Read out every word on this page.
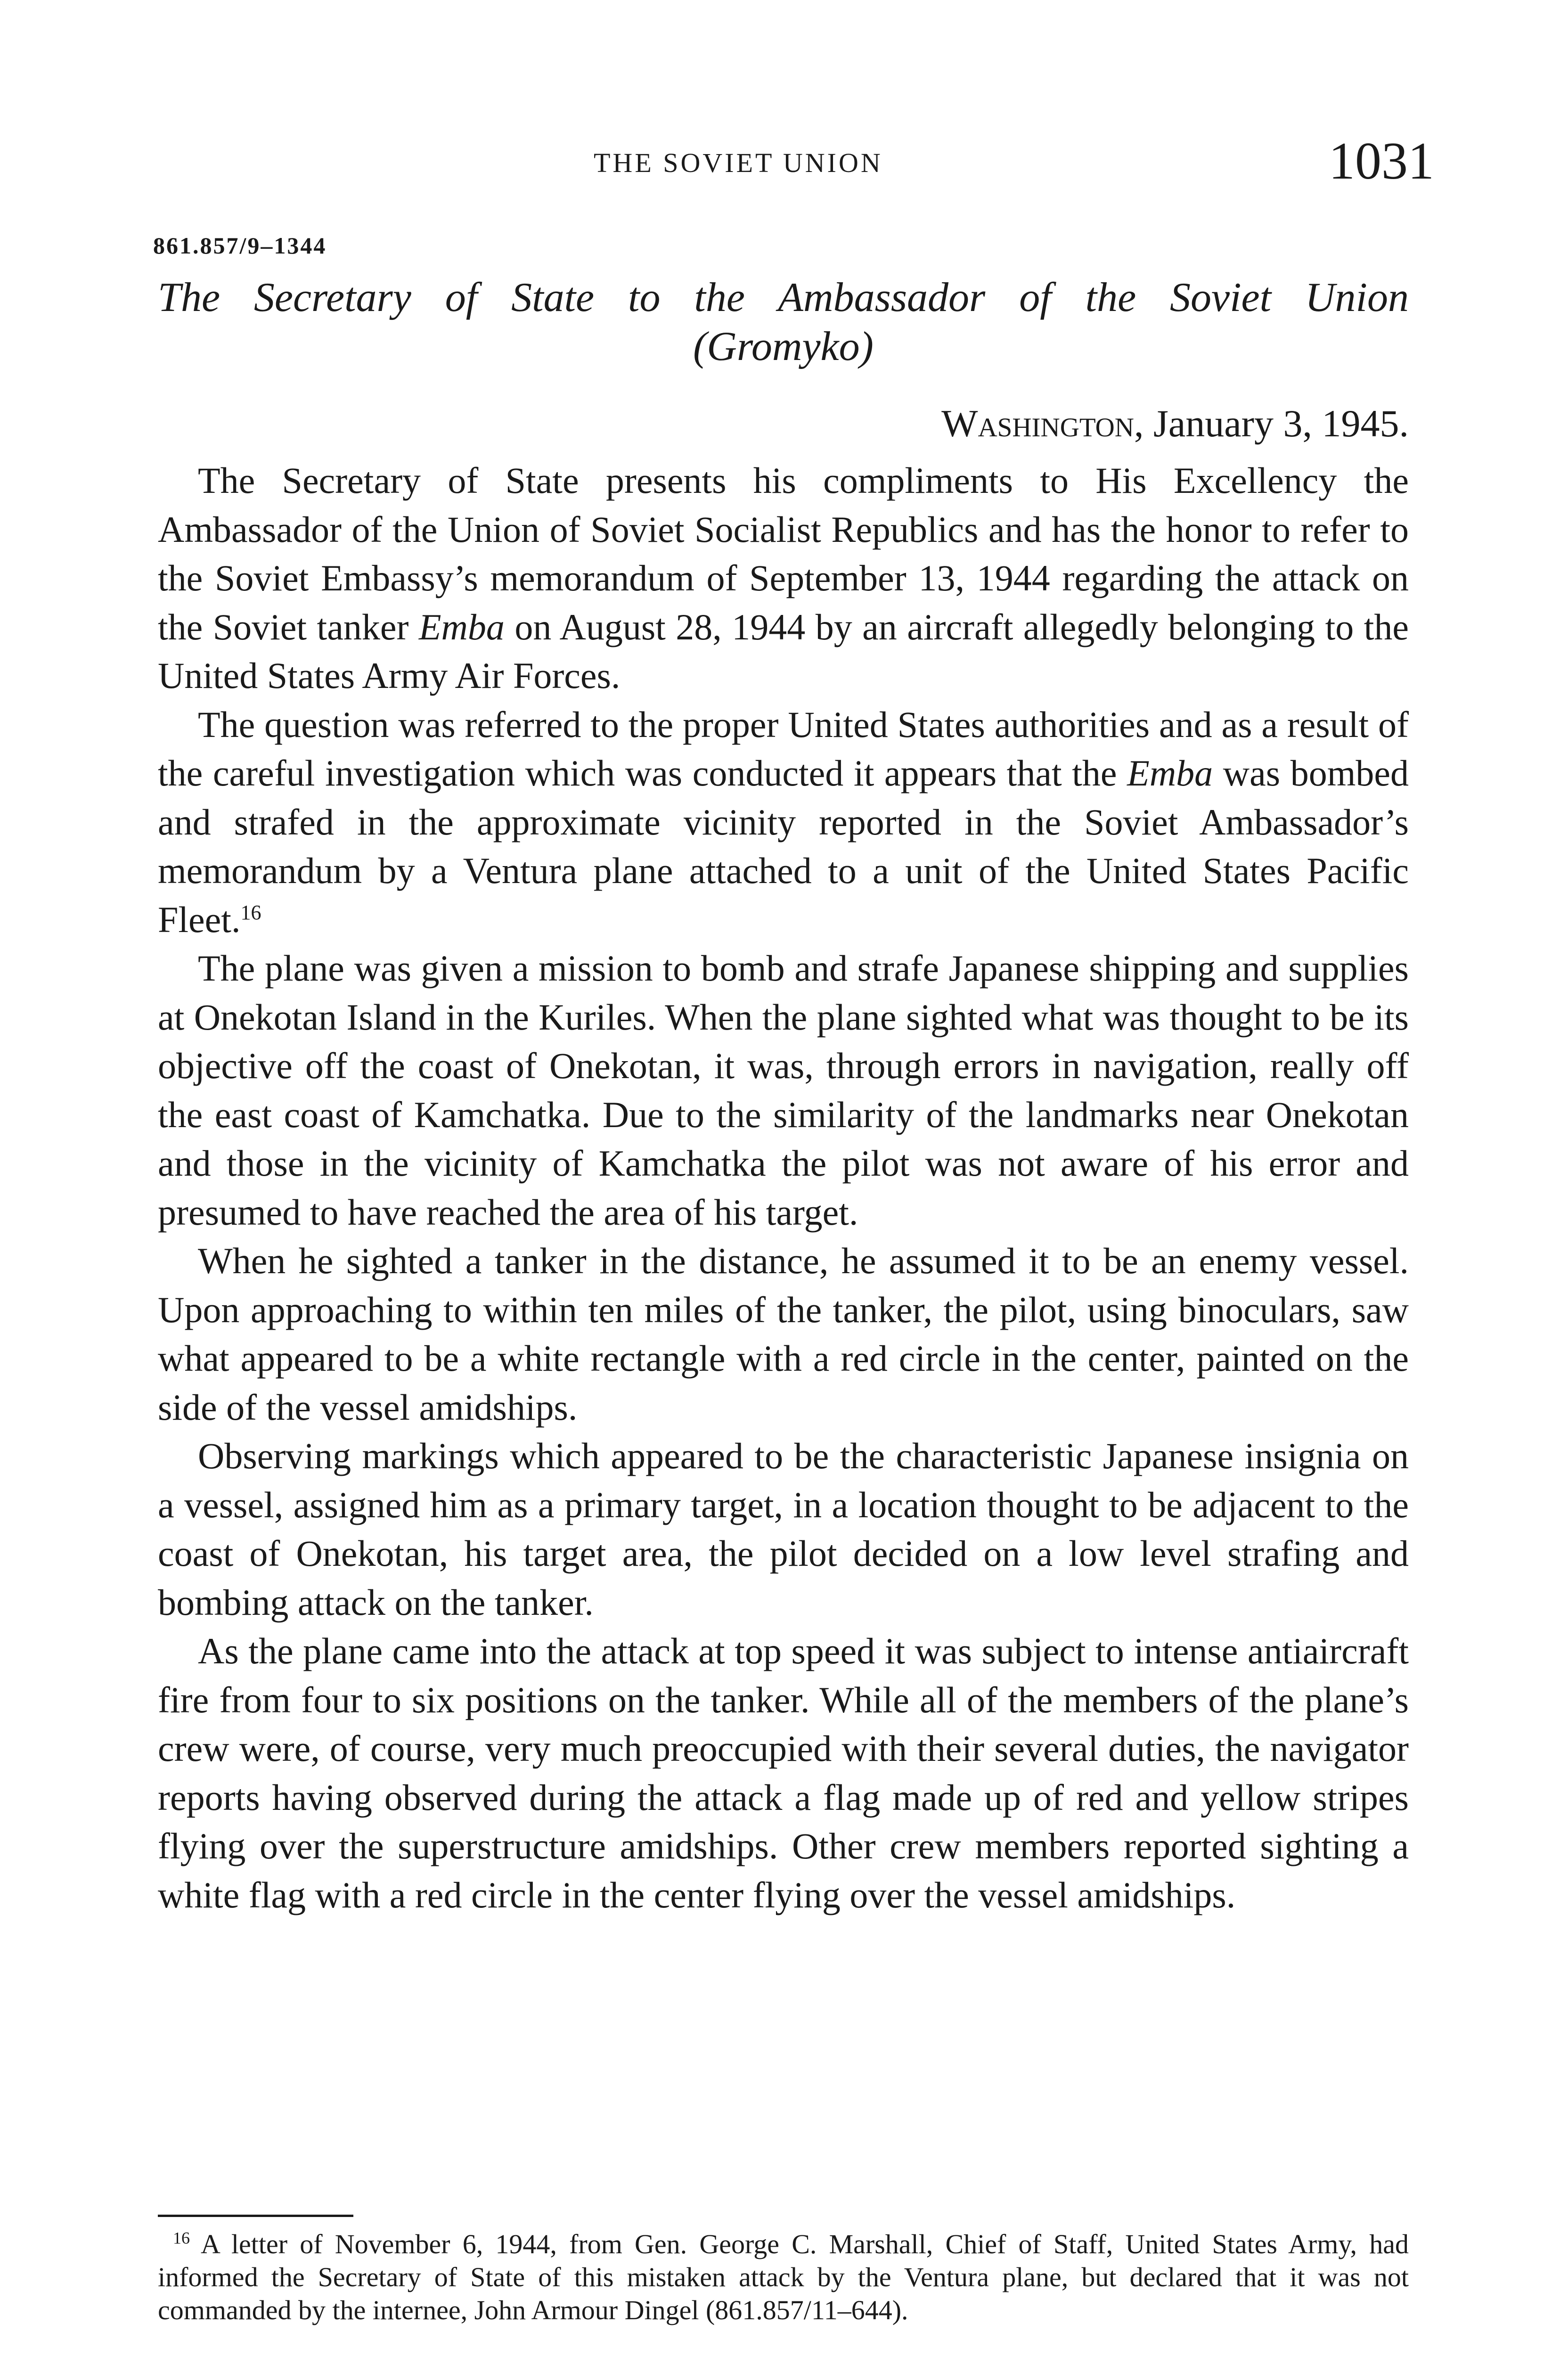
THE SOVIET UNION	1031
861.857/9–1344
The Secretary of State to the Ambassador of the Soviet Union
(Gromyko)
Washington, January 3, 1945.

The Secretary of State presents his compliments to His Excellency the Ambassador of the Union of Soviet Socialist Republics and has the honor to refer to the Soviet Embassy’s memorandum of September 13, 1944 regarding the attack on the Soviet tanker Emba on August 28, 1944 by an aircraft allegedly belonging to the United States Army Air Forces.

The question was referred to the proper United States authorities and as a result of the careful investigation which was conducted it appears that the Emba was bombed and strafed in the approximate vicinity reported in the Soviet Ambassador’s memorandum by a Ventura plane attached to a unit of the United States Pacific Fleet.$^{16}$

The plane was given a mission to bomb and strafe Japanese shipping and supplies at Onekotan Island in the Kuriles. When the plane sighted what was thought to be its objective off the coast of Onekotan, it was, through errors in navigation, really off the east coast of Kamchatka. Due to the similarity of the landmarks near Onekotan and those in the vicinity of Kamchatka the pilot was not aware of his error and presumed to have reached the area of his target.

When he sighted a tanker in the distance, he assumed it to be an enemy vessel. Upon approaching to within ten miles of the tanker, the pilot, using binoculars, saw what appeared to be a white rectangle with a red circle in the center, painted on the side of the vessel amidships.

Observing markings which appeared to be the characteristic Japanese insignia on a vessel, assigned him as a primary target, in a location thought to be adjacent to the coast of Onekotan, his target area, the pilot decided on a low level strafing and bombing attack on the tanker.

As the plane came into the attack at top speed it was subject to intense antiaircraft fire from four to six positions on the tanker. While all of the members of the plane’s crew were, of course, very much preoccupied with their several duties, the navigator reports having observed during the attack a flag made up of red and yellow stripes flying over the superstructure amidships. Other crew members reported sighting a white flag with a red circle in the center flying over the vessel amidships.

$^{16}$ A letter of November 6, 1944, from Gen. George C. Marshall, Chief of Staff, United States Army, had informed the Secretary of State of this mistaken attack by the Ventura plane, but declared that it was not commanded by the internee, John Armour Dingel (861.857/11–644).
